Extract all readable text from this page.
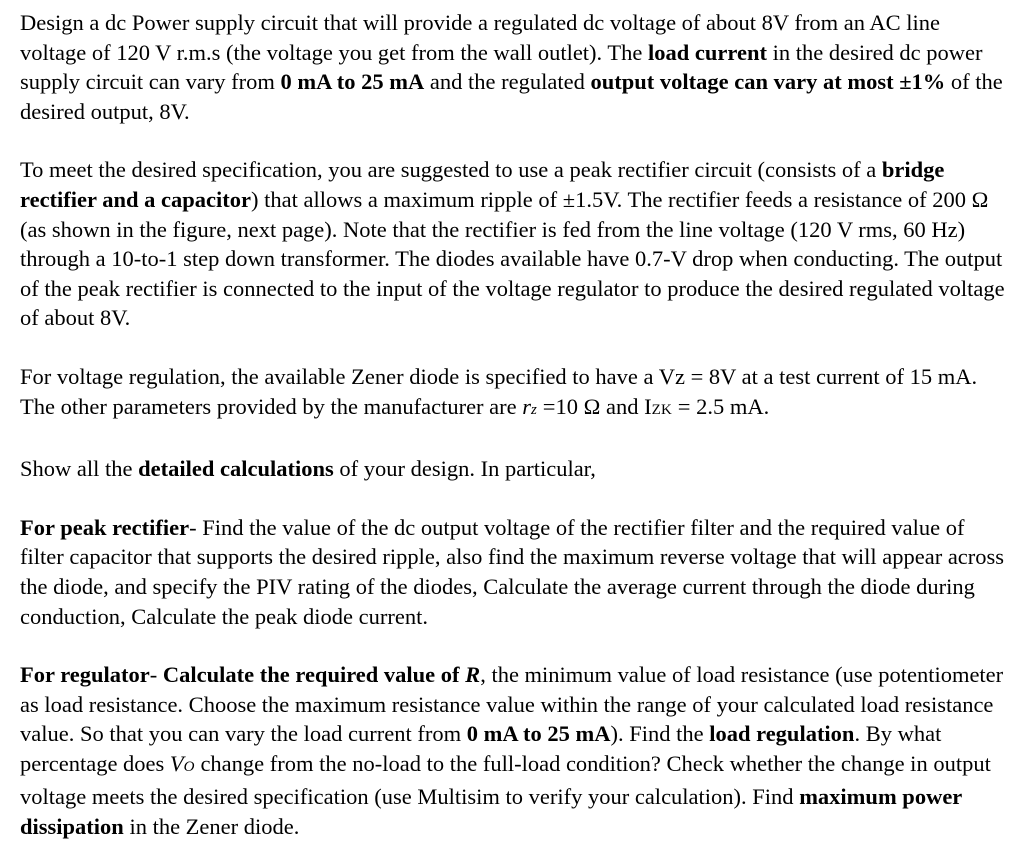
Design a dc Power supply circuit that will provide a regulated dc voltage of about 8V from an AC line voltage of 120 V r.m.s (the voltage you get from the wall outlet). The load current in the desired dc power supply circuit can vary from 0 mA to 25 mA and the regulated output voltage can vary at most ±1% of the desired output, 8V.

To meet the desired specification, you are suggested to use a peak rectifier circuit (consists of a bridge rectifier and a capacitor) that allows a maximum ripple of ±1.5V. The rectifier feeds a resistance of 200 Ω (as shown in the figure, next page). Note that the rectifier is fed from the line voltage (120 V rms, 60 Hz) through a 10-to-1 step down transformer. The diodes available have 0.7-V drop when conducting. The output of the peak rectifier is connected to the input of the voltage regulator to produce the desired regulated voltage of about 8V.

For voltage regulation, the available Zener diode is specified to have a Vz = 8V at a test current of 15 mA. The other parameters provided by the manufacturer are rz =10 Ω and IZK = 2.5 mA.

Show all the detailed calculations of your design. In particular,

For peak rectifier- Find the value of the dc output voltage of the rectifier filter and the required value of filter capacitor that supports the desired ripple, also find the maximum reverse voltage that will appear across the diode, and specify the PIV rating of the diodes, Calculate the average current through the diode during conduction, Calculate the peak diode current.

For regulator- Calculate the required value of R, the minimum value of load resistance (use potentiometer as load resistance. Choose the maximum resistance value within the range of your calculated load resistance value. So that you can vary the load current from 0 mA to 25 mA). Find the load regulation. By what percentage does VO change from the no-load to the full-load condition? Check whether the change in output voltage meets the desired specification (use Multisim to verify your calculation). Find maximum power dissipation in the Zener diode.
